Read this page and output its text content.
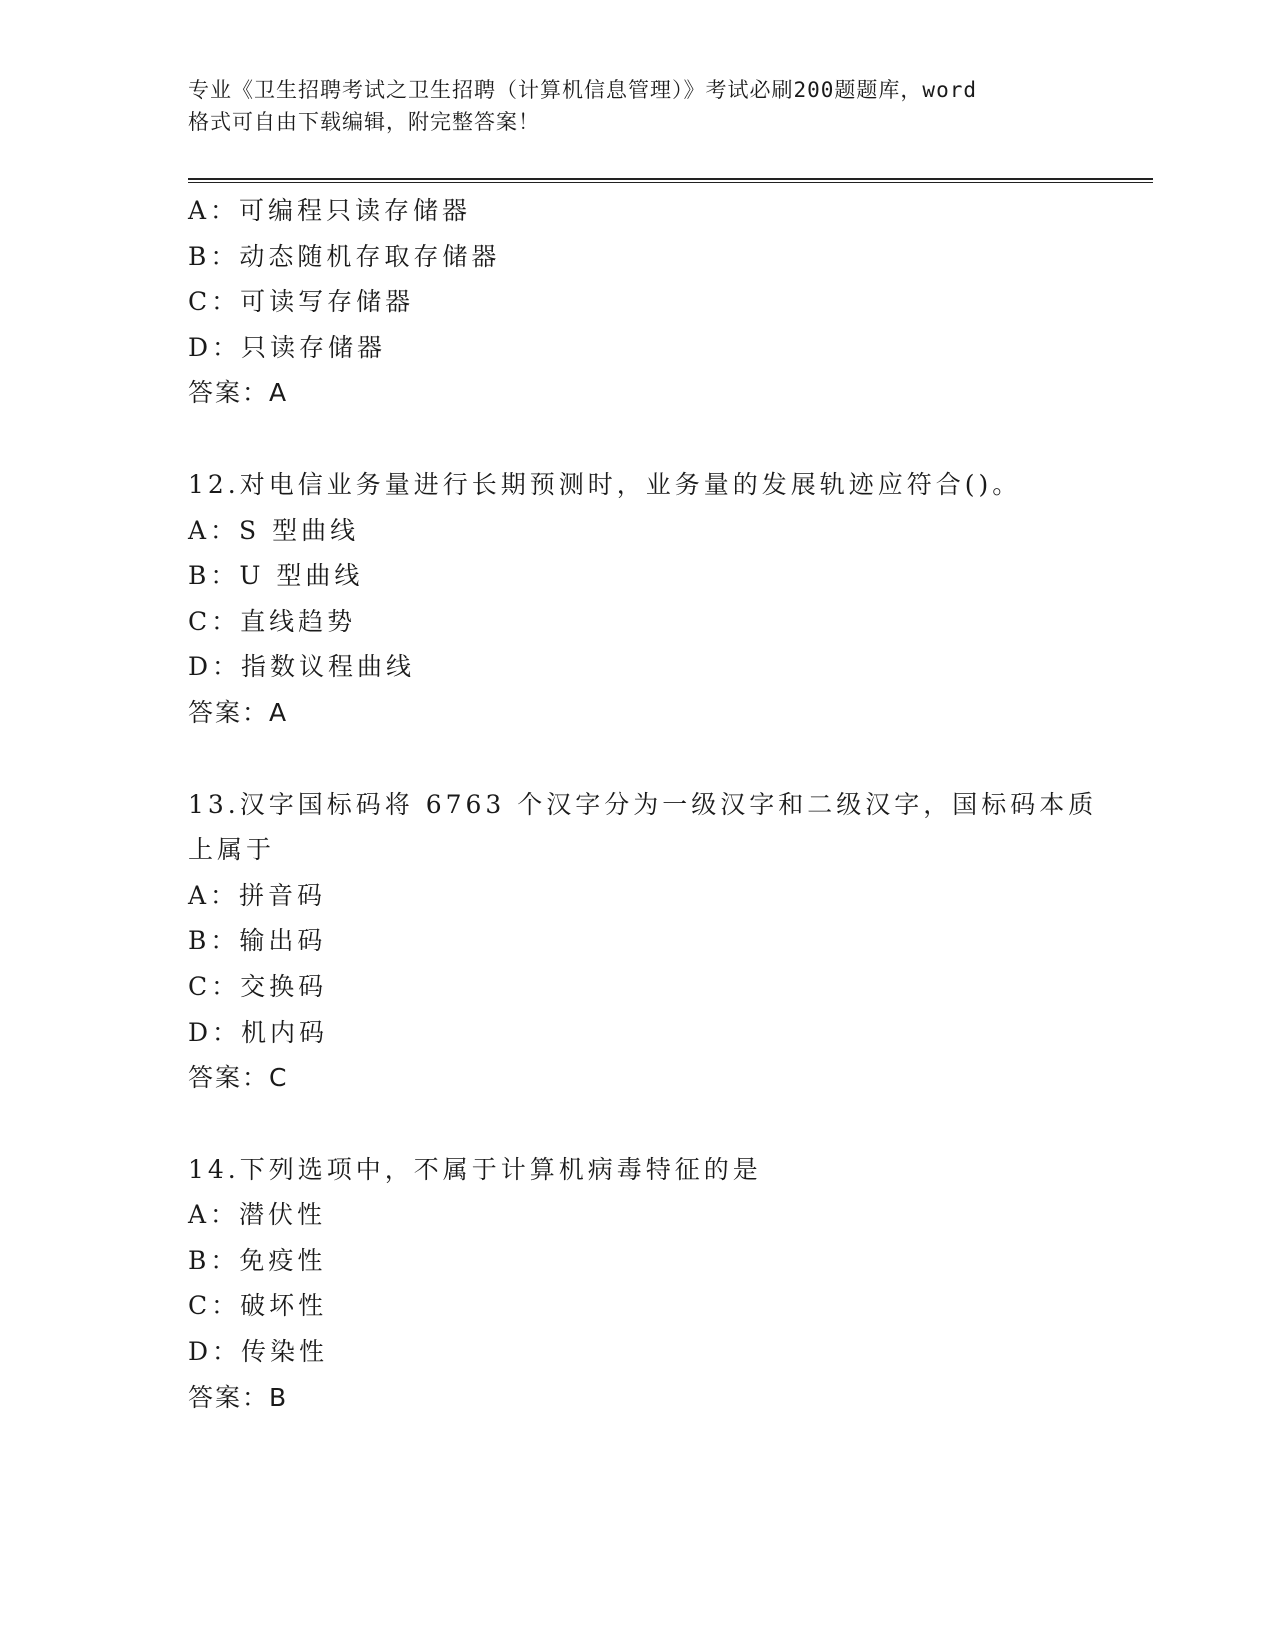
专业《卫生招聘考试之卫生招聘（计算机信息管理）》考试必刷200题题库，word
格式可自由下载编辑，附完整答案！
A：可编程只读存储器
B：动态随机存取存储器
C：可读写存储器
D：只读存储器
答案：A
12.对电信业务量进行长期预测时，业务量的发展轨迹应符合()。
A：S 型曲线
B：U 型曲线
C：直线趋势
D：指数议程曲线
答案：A
13.汉字国标码将 6763 个汉字分为一级汉字和二级汉字，国标码本质
上属于
A：拼音码
B：输出码
C：交换码
D：机内码
答案：C
14.下列选项中，不属于计算机病毒特征的是
A：潜伏性
B：免疫性
C：破坏性
D：传染性
答案：B
